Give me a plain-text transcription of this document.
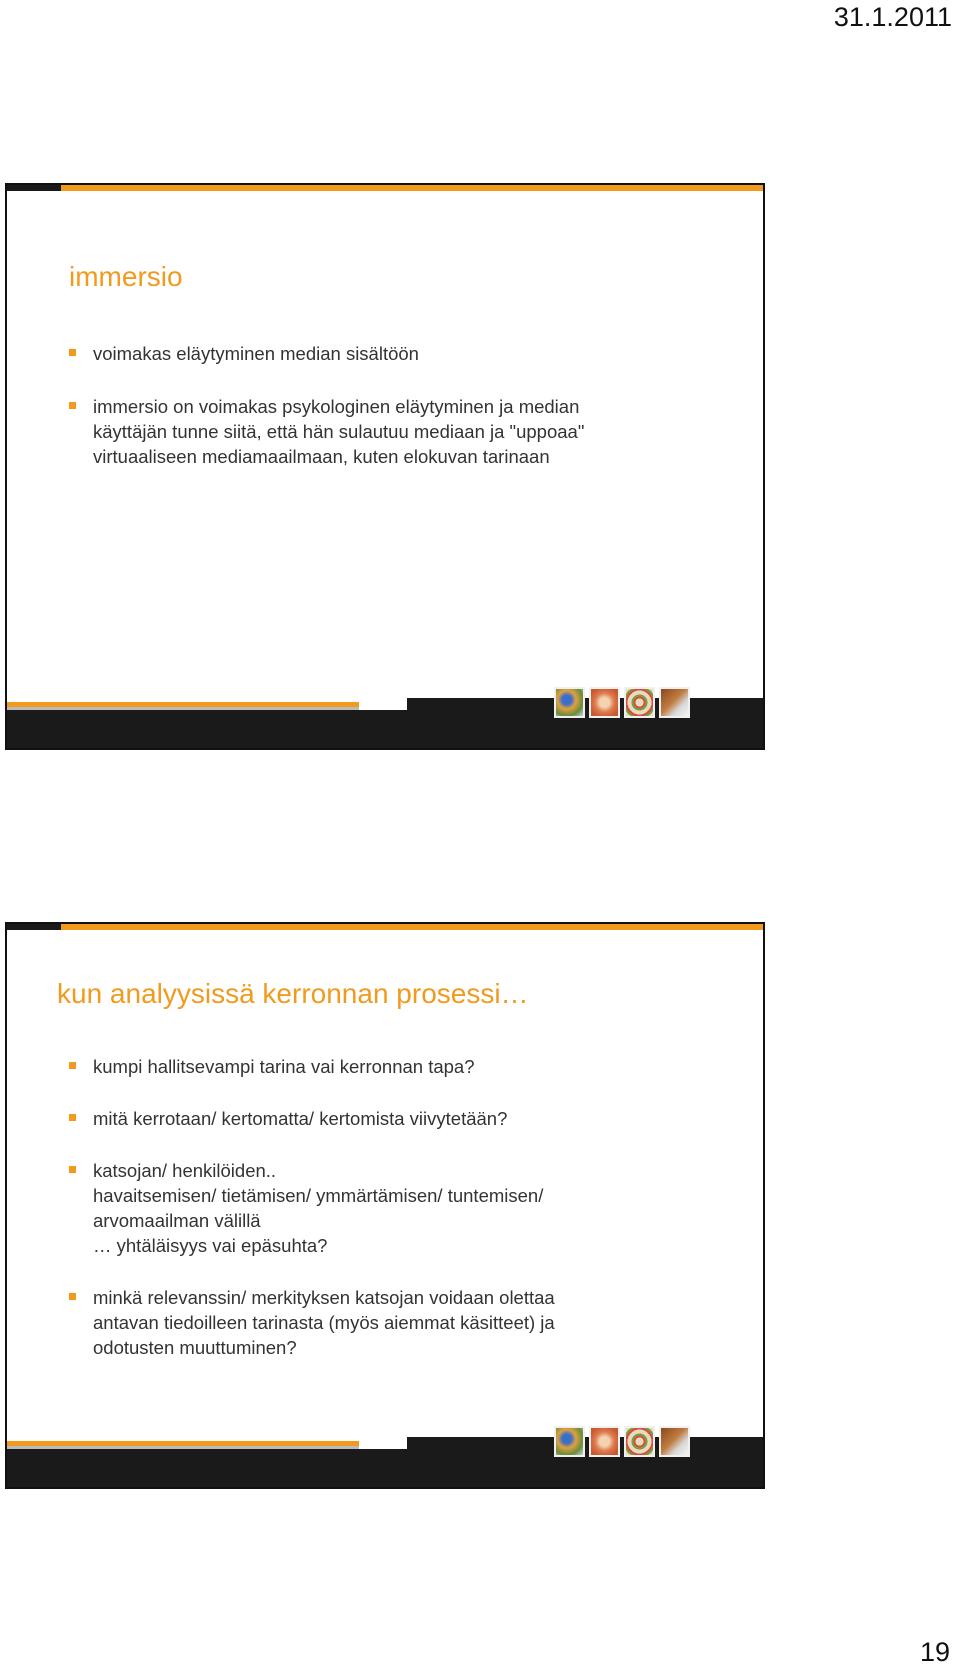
31.1.2011
immersio
voimakas eläytyminen median sisältöön
immersio on voimakas psykologinen eläytyminen ja median
käyttäjän tunne siitä, että hän sulautuu mediaan ja "uppoaa"
virtuaaliseen mediamaailmaan, kuten elokuvan tarinaan
kun analyysissä kerronnan prosessi…
kumpi hallitsevampi tarina vai kerronnan tapa?
mitä kerrotaan/ kertomatta/ kertomista viivytetään?
katsojan/ henkilöiden..
havaitsemisen/ tietämisen/ ymmärtämisen/ tuntemisen/
arvomaailman välillä
… yhtäläisyys vai epäsuhta?
minkä relevanssin/ merkityksen katsojan voidaan olettaa
antavan tiedoilleen tarinasta (myös aiemmat käsitteet) ja
odotusten muuttuminen?
19
